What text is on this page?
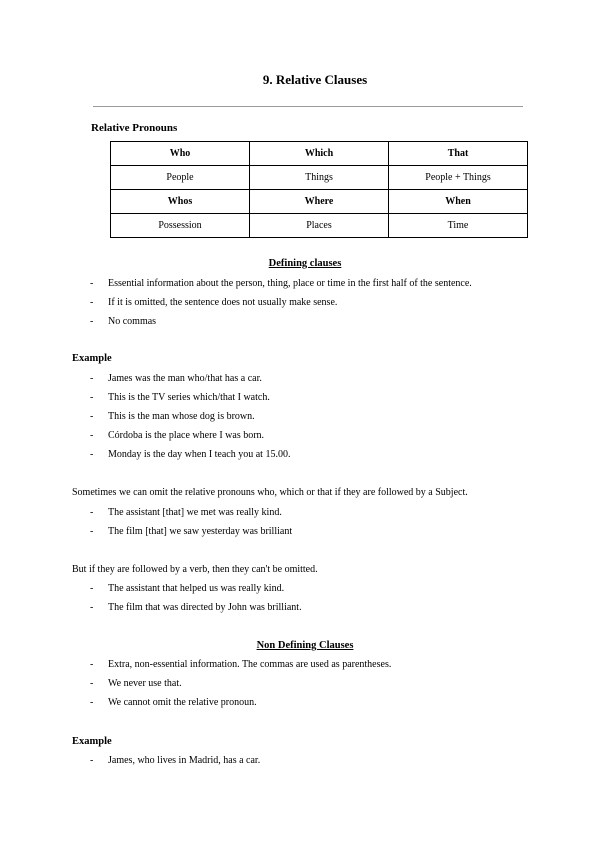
9. Relative Clauses
Relative Pronouns
Who	Which	That
People	Things	People + Things
Whos	Where	When
Possession	Places	Time
Defining clauses
- Essential information about the person, thing, place or time in the first half of the sentence.
- If it is omitted, the sentence does not usually make sense.
- No commas
Example
- James was the man who/that has a car.
- This is the TV series which/that I watch.
- This is the man whose dog is brown.
- Córdoba is the place where I was born.
- Monday is the day when I teach you at 15.00.
Sometimes we can omit the relative pronouns who, which or that if they are followed by a Subject.
- The assistant [that] we met was really kind.
- The film [that] we saw yesterday was brilliant
But if they are followed by a verb, then they can't be omitted.
- The assistant that helped us was really kind.
- The film that was directed by John was brilliant.
Non Defining Clauses
- Extra, non-essential information. The commas are used as parentheses.
- We never use that.
- We cannot omit the relative pronoun.
Example
- James, who lives in Madrid, has a car.
